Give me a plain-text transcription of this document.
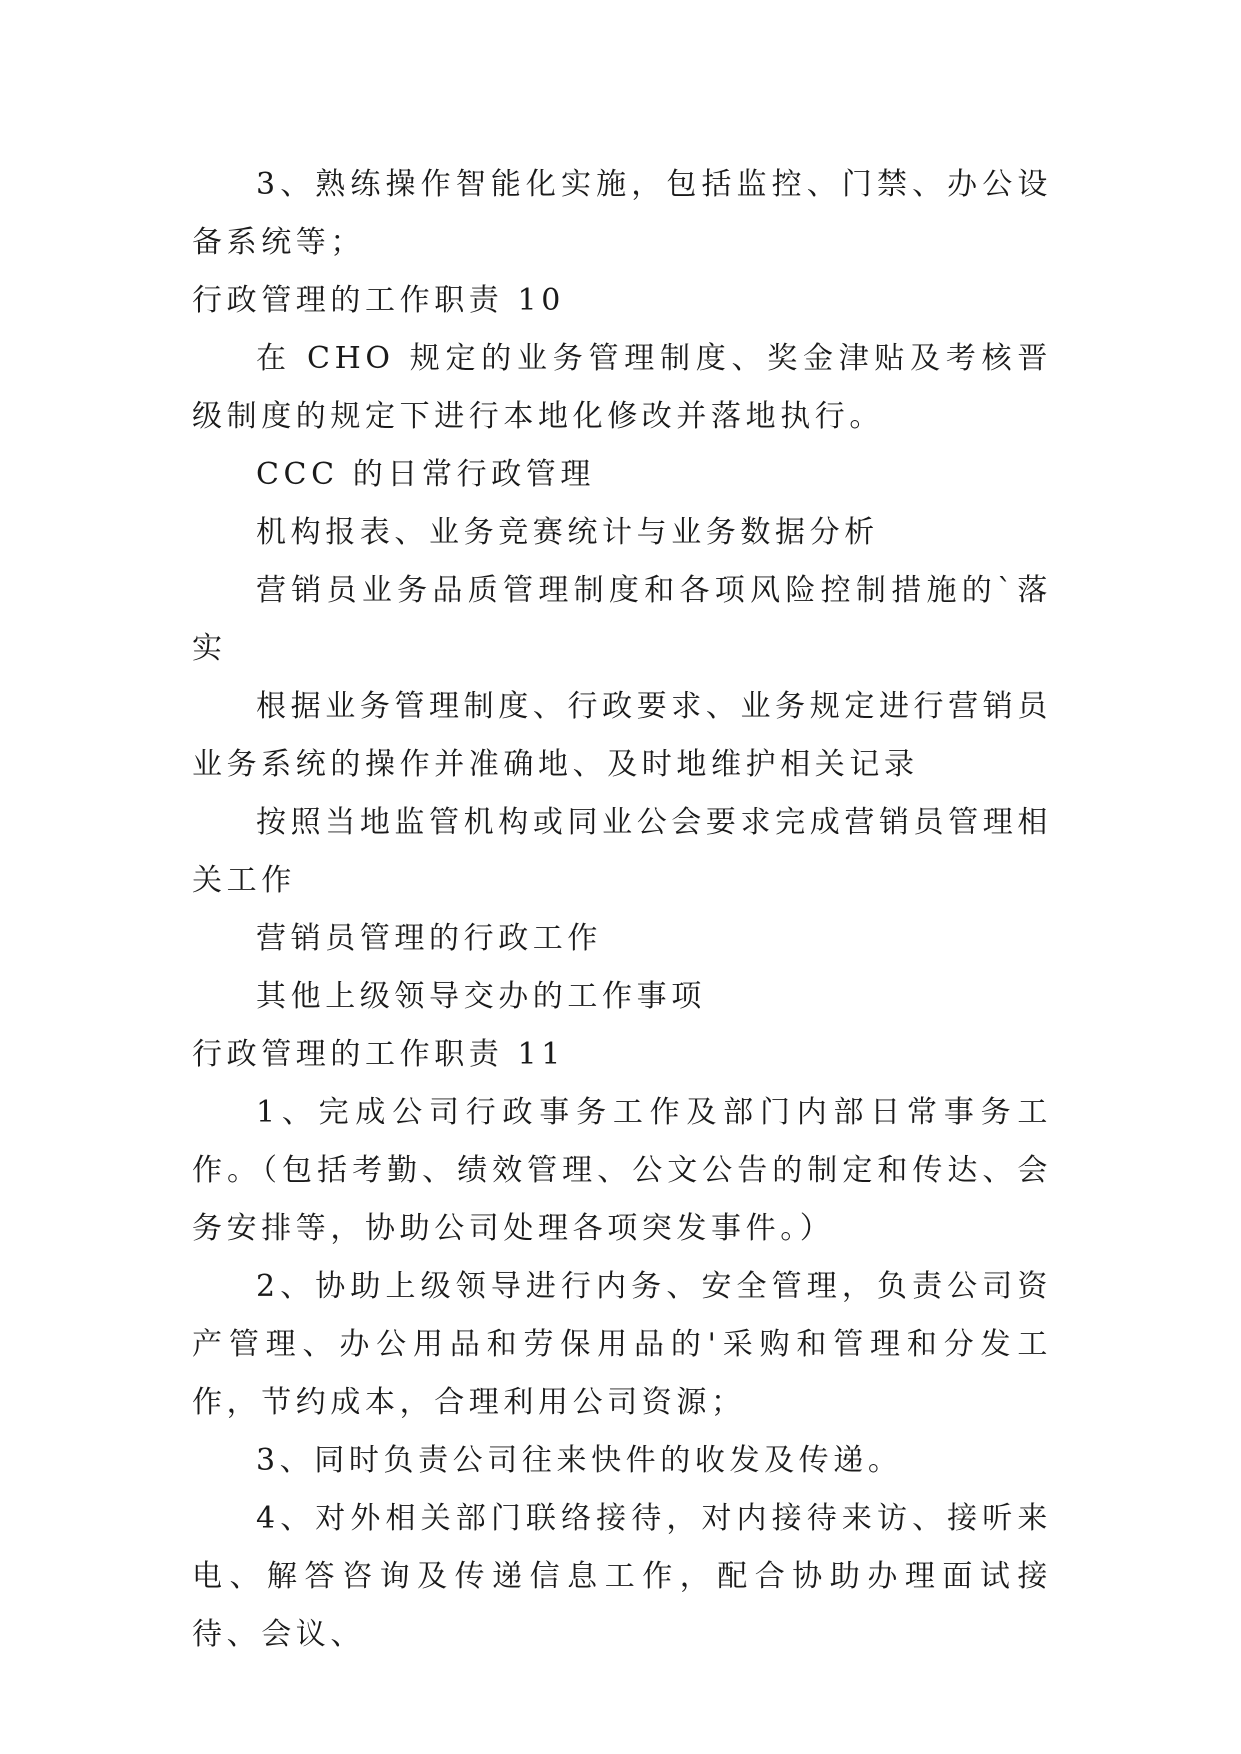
3、熟练操作智能化实施，包括监控、门禁、办公设备系统等；

行政管理的工作职责 10

在 CHO 规定的业务管理制度、奖金津贴及考核晋级制度的规定下进行本地化修改并落地执行。

CCC 的日常行政管理

机构报表、业务竞赛统计与业务数据分析

营销员业务品质管理制度和各项风险控制措施的`落实

根据业务管理制度、行政要求、业务规定进行营销员业务系统的操作并准确地、及时地维护相关记录

按照当地监管机构或同业公会要求完成营销员管理相关工作

营销员管理的行政工作

其他上级领导交办的工作事项

行政管理的工作职责 11

1、完成公司行政事务工作及部门内部日常事务工作。（包括考勤、绩效管理、公文公告的制定和传达、会务安排等，协助公司处理各项突发事件。）

2、协助上级领导进行内务、安全管理，负责公司资产管理、办公用品和劳保用品的'采购和管理和分发工作，节约成本，合理利用公司资源；

3、同时负责公司往来快件的收发及传递。

4、对外相关部门联络接待，对内接待来访、接听来电、解答咨询及传递信息工作，配合协助办理面试接待、会议、
